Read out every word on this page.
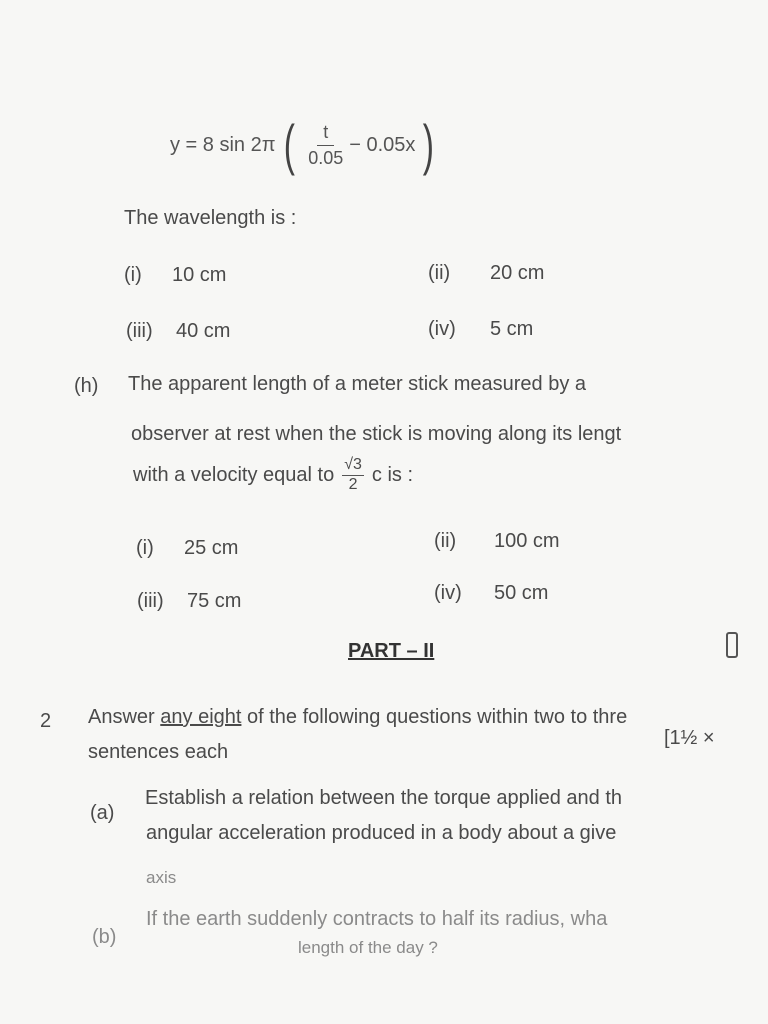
y = 8 sin 2π ( $\frac{t}{0.05} - 0.05x$ )
The wavelength is :
(i) 10 cm	(ii) 20 cm
(iii) 40 cm	(iv) 5 cm
(h) The apparent length of a meter stick measured by a
observer at rest when the stick is moving along its lengt
with a velocity equal to $\frac{√3}{2}$ c is :
(i) 25 cm	(ii) 100 cm
(iii) 75 cm	(iv) 50 cm
PART – II
2 Answer any eight of the following questions within two to thre
sentences each
[1½ ×
(a)
Establish a relation between the torque applied and th
angular acceleration produced in a body about a give
axis
(b)
If the earth suddenly contracts to half its radius, wha
length of the day ?
